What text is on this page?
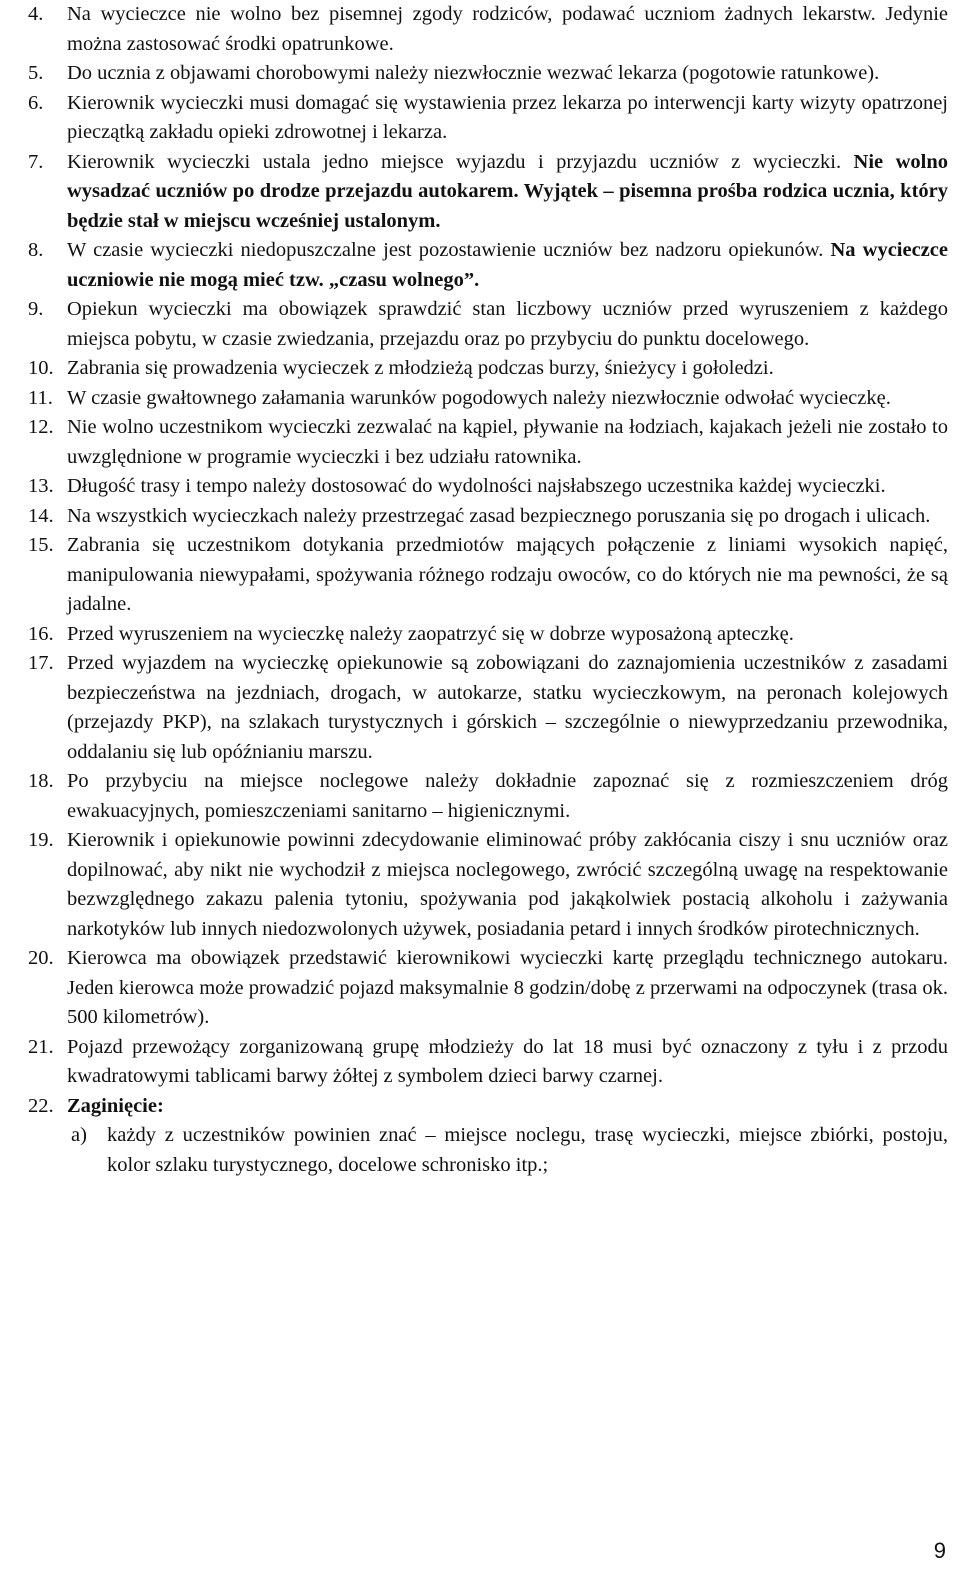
4. Na wycieczce nie wolno bez pisemnej zgody rodziców, podawać uczniom żadnych lekarstw. Jedynie można zastosować środki opatrunkowe.
5. Do ucznia z objawami chorobowymi należy niezwłocznie wezwać lekarza (pogotowie ratunkowe).
6. Kierownik wycieczki musi domagać się wystawienia przez lekarza po interwencji karty wizyty opatrzonej pieczątką zakładu opieki zdrowotnej i lekarza.
7. Kierownik wycieczki ustala jedno miejsce wyjazdu i przyjazdu uczniów z wycieczki. Nie wolno wysadzać uczniów po drodze przejazdu autokarem. Wyjątek – pisemna prośba rodzica ucznia, który będzie stał w miejscu wcześniej ustalonym.
8. W czasie wycieczki niedopuszczalne jest pozostawienie uczniów bez nadzoru opiekunów. Na wycieczce uczniowie nie mogą mieć tzw. „czasu wolnego”.
9. Opiekun wycieczki ma obowiązek sprawdzić stan liczbowy uczniów przed wyruszeniem z każdego miejsca pobytu, w czasie zwiedzania, przejazdu oraz po przybyciu do punktu docelowego.
10. Zabrania się prowadzenia wycieczek z młodzieżą podczas burzy, śnieżycy i gołoledzi.
11. W czasie gwałtownego załamania warunków pogodowych należy niezwłocznie odwołać wycieczkę.
12. Nie wolno uczestnikom wycieczki zezwalać na kąpiel, pływanie na łodziach, kajakach jeżeli nie zostało to uwzględnione w programie wycieczki i bez udziału ratownika.
13. Długość trasy i tempo należy dostosować do wydolności najsłabszego uczestnika każdej wycieczki.
14. Na wszystkich wycieczkach należy przestrzegać zasad bezpiecznego poruszania się po drogach i ulicach.
15. Zabrania się uczestnikom dotykania przedmiotów mających połączenie z liniami wysokich napięć, manipulowania niewypałami, spożywania różnego rodzaju owoców, co do których nie ma pewności, że są jadalne.
16. Przed wyruszeniem na wycieczkę należy zaopatrzyć się w dobrze wyposażoną apteczkę.
17. Przed wyjazdem na wycieczkę opiekunowie są zobowiązani do zaznajomienia uczestników z zasadami bezpieczeństwa na jezdniach, drogach, w autokarze, statku wycieczkowym, na peronach kolejowych (przejazdy PKP), na szlakach turystycznych i górskich – szczególnie o niewyprzedzaniu przewodnika, oddalaniu się lub opóźnianiu marszu.
18. Po przybyciu na miejsce noclegowe należy dokładnie zapoznać się z rozmieszczeniem dróg ewakuacyjnych, pomieszczeniami sanitarno – higienicznymi.
19. Kierownik i opiekunowie powinni zdecydowanie eliminować próby zakłócania ciszy i snu uczniów oraz dopilnować, aby nikt nie wychodził z miejsca noclegowego, zwrócić szczególną uwagę na respektowanie bezwzględnego zakazu palenia tytoniu, spożywania pod jakąkolwiek postacią alkoholu i zażywania narkotyków lub innych niedozwolonych używek, posiadania petard i innych środków pirotechnicznych.
20. Kierowca ma obowiązek przedstawić kierownikowi wycieczki kartę przeglądu technicznego autokaru. Jeden kierowca może prowadzić pojazd maksymalnie 8 godzin/dobę z przerwami na odpoczynek (trasa ok. 500 kilometrów).
21. Pojazd przewożący zorganizowaną grupę młodzieży do lat 18 musi być oznaczony z tyłu i z przodu kwadratowymi tablicami barwy żółtej z symbolem dzieci barwy czarnej.
22. Zaginięcie:
a) każdy z uczestników powinien znać – miejsce noclegu, trasę wycieczki, miejsce zbiórki, postoju, kolor szlaku turystycznego, docelowe schronisko itp.;
9
